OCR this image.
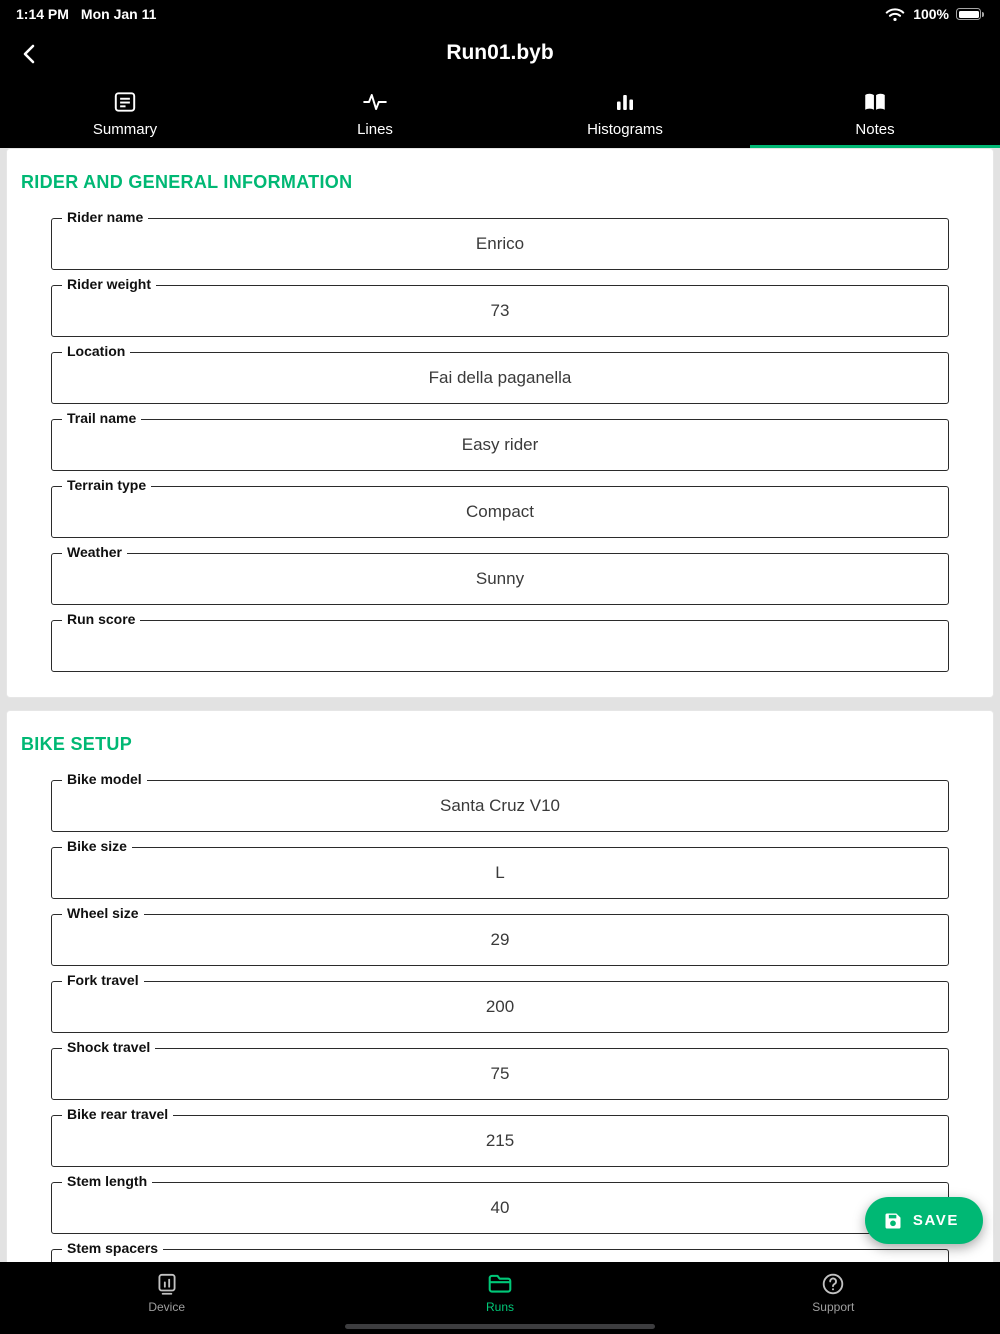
1:14 PM Mon Jan 11	100%
Run01.byb
Summary	Lines	Histograms	Notes
RIDER AND GENERAL INFORMATION
Rider name
Enrico
Rider weight
73
Location
Fai della paganella
Trail name
Easy rider
Terrain type
Compact
Weather
Sunny
Run score
BIKE SETUP
Bike model
Santa Cruz V10
Bike size
L
Wheel size
29
Fork travel
200
Shock travel
75
Bike rear travel
215
Stem length
40
Stem spacers
SAVE
Device	Runs	Support
